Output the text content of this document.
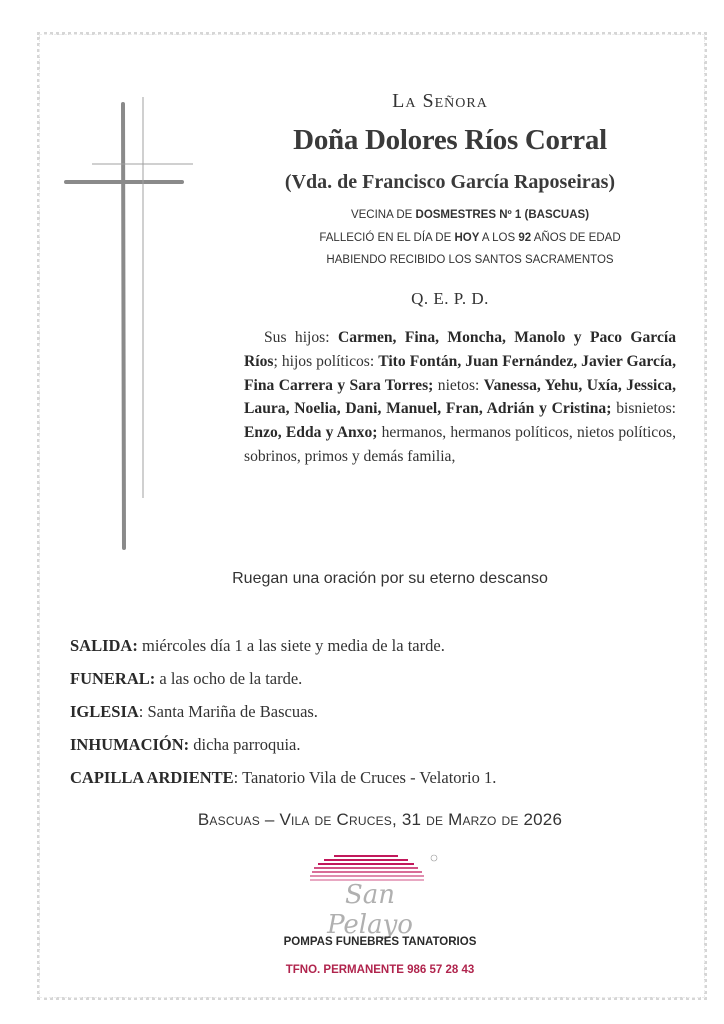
La Señora
Doña Dolores Ríos Corral
(Vda. de Francisco García Raposeiras)
VECINA DE DOSMESTRES Nº 1 (BASCUAS)
FALLECIÓ EN EL DÍA DE HOY A LOS 92 AÑOS DE EDAD
HABIENDO RECIBIDO LOS SANTOS SACRAMENTOS
Q. E. P. D.
Sus hijos: Carmen, Fina, Moncha, Manolo y Paco García Ríos; hijos políticos: Tito Fontán, Juan Fernández, Javier García, Fina Carrera y Sara Torres; nietos: Vanessa, Yehu, Uxía, Jessica, Laura, Noelia, Dani, Manuel, Fran, Adrián y Cristina; bisnietos: Enzo, Edda y Anxo; hermanos, hermanos políticos, nietos políticos, sobrinos, primos y demás familia,
Ruegan una oración por su eterno descanso
SALIDA: miércoles día 1 a las siete y media de la tarde.
FUNERAL: a las ocho de la tarde.
IGLESIA: Santa Mariña de Bascuas.
INHUMACIÓN: dicha parroquia.
CAPILLA ARDIENTE: Tanatorio Vila de Cruces - Velatorio 1.
Bascuas – Vila de Cruces, 31 de Marzo de 2026
San Pelayo
POMPAS FUNEBRES TANATORIOS
TFNO. PERMANENTE 986 57 28 43
